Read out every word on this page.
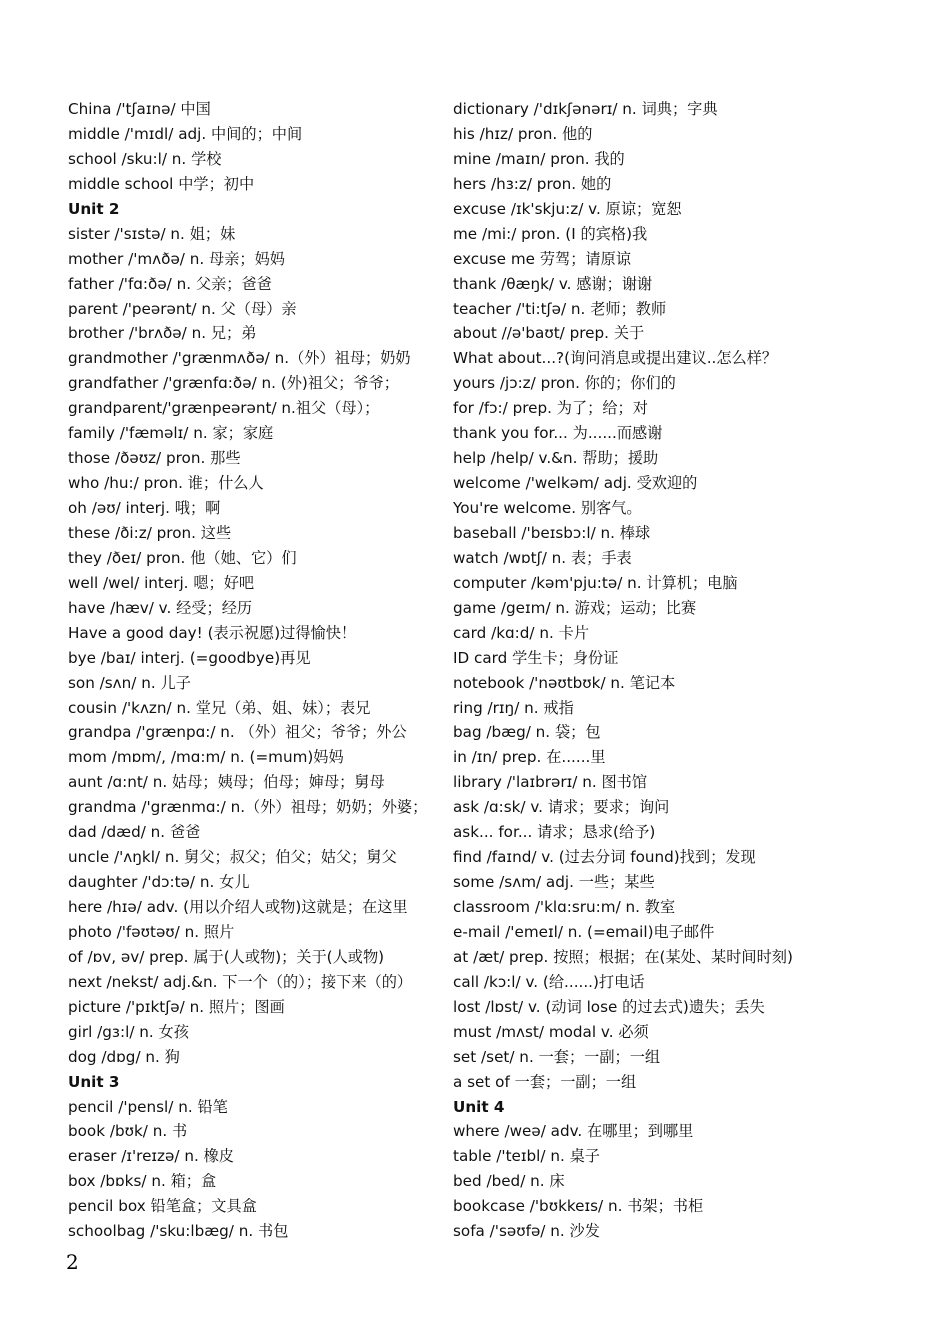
China /'tʃaɪnə/ 中国
middle /'mɪdl/ adj. 中间的；中间
school /sku:l/ n. 学校
middle school 中学；初中
Unit 2
sister /'sɪstə/ n. 姐；妹
mother /'mʌðə/ n. 母亲；妈妈
father /'fɑ:ðə/ n. 父亲；爸爸
parent /'peərənt/ n. 父（母）亲
brother /'brʌðə/ n. 兄；弟
grandmother /'grænmʌðə/ n.（外）祖母；奶奶
grandfather /'grænfɑ:ðə/ n. (外)祖父；爷爷；
grandparent/'grænpeərənt/ n.祖父（母）；
family /'fæməlɪ/ n. 家；家庭
those /ðəʊz/ pron. 那些
who /hu:/ pron. 谁；什么人
oh /əʊ/ interj. 哦；啊
these /ði:z/ pron. 这些
they /ðeɪ/ pron. 他（她、它）们
well /wel/ interj. 嗯；好吧
have /hæv/ v. 经受；经历
Have a good day! (表示祝愿)过得愉快！
bye /baɪ/ interj. (=goodbye)再见
son /sʌn/ n. 儿子
cousin /'kʌzn/ n. 堂兄（弟、姐、妹）；表兄
grandpa /'grænpɑ:/ n. （外）祖父；爷爷；外公
mom /mɒm/, /mɑ:m/ n. (=mum)妈妈
aunt /ɑ:nt/ n. 姑母；姨母；伯母；婶母；舅母
grandma /'grænmɑ:/ n.（外）祖母；奶奶；外婆；
dad /dæd/ n. 爸爸
uncle /'ʌŋkl/ n. 舅父；叔父；伯父；姑父；舅父
daughter /'dɔ:tə/ n. 女儿
here /hɪə/ adv. (用以介绍人或物)这就是；在这里
photo /'fəʊtəʊ/ n. 照片
of /ɒv, əv/ prep. 属于(人或物)；关于(人或物)
next /nekst/ adj.&n. 下一个（的）；接下来（的）
picture /'pɪktʃə/ n. 照片；图画
girl /gɜ:l/ n. 女孩
dog /dɒg/ n. 狗
Unit 3
pencil /'pensl/ n. 铅笔
book /bʊk/ n. 书
eraser /ɪ'reɪzə/ n. 橡皮
box /bɒks/ n. 箱；盒
pencil box 铅笔盒；文具盒
schoolbag /'sku:lbæg/ n. 书包
dictionary /'dɪkʃənərɪ/ n. 词典；字典
his /hɪz/ pron. 他的
mine /maɪn/ pron. 我的
hers /hɜ:z/ pron. 她的
excuse /ɪk'skju:z/ v. 原谅；宽恕
me /mi:/ pron. (I 的宾格)我
excuse me 劳驾；请原谅
thank /θæŋk/ v. 感谢；谢谢
teacher /'ti:tʃə/ n. 老师；教师
about //ə'baʊt/ prep. 关于
What about...?(询问消息或提出建议..怎么样？
yours /jɔ:z/ pron. 你的；你们的
for /fɔ:/ prep. 为了；给；对
thank you for... 为......而感谢
help /help/ v.&n. 帮助；援助
welcome /'welkəm/ adj. 受欢迎的
You're welcome. 别客气。
baseball /'beɪsbɔ:l/ n. 棒球
watch /wɒtʃ/ n. 表；手表
computer /kəm'pju:tə/ n. 计算机；电脑
game /geɪm/ n. 游戏；运动；比赛
card /kɑ:d/ n. 卡片
ID card 学生卡；身份证
notebook /'nəʊtbʊk/ n. 笔记本
ring /rɪŋ/ n. 戒指
bag /bæg/ n. 袋；包
in /ɪn/ prep. 在......里
library /'laɪbrərɪ/ n. 图书馆
ask /ɑ:sk/ v. 请求；要求；询问
ask... for... 请求；恳求(给予)
find /faɪnd/ v. (过去分词 found)找到；发现
some /sʌm/ adj. 一些；某些
classroom /'klɑ:sru:m/ n. 教室
e-mail /'emeɪl/ n. (=email)电子邮件
at /æt/ prep. 按照；根据；在(某处、某时间时刻)
call /kɔ:l/ v. (给......)打电话
lost /lɒst/ v. (动词 lose 的过去式)遗失；丢失
must /mʌst/ modal v. 必须
set /set/ n. 一套；一副；一组
a set of 一套；一副；一组
Unit 4
where /weə/ adv. 在哪里；到哪里
table /'teɪbl/ n. 桌子
bed /bed/ n. 床
bookcase /'bʊkkeɪs/ n. 书架；书柜
sofa /'səʊfə/ n. 沙发
2
